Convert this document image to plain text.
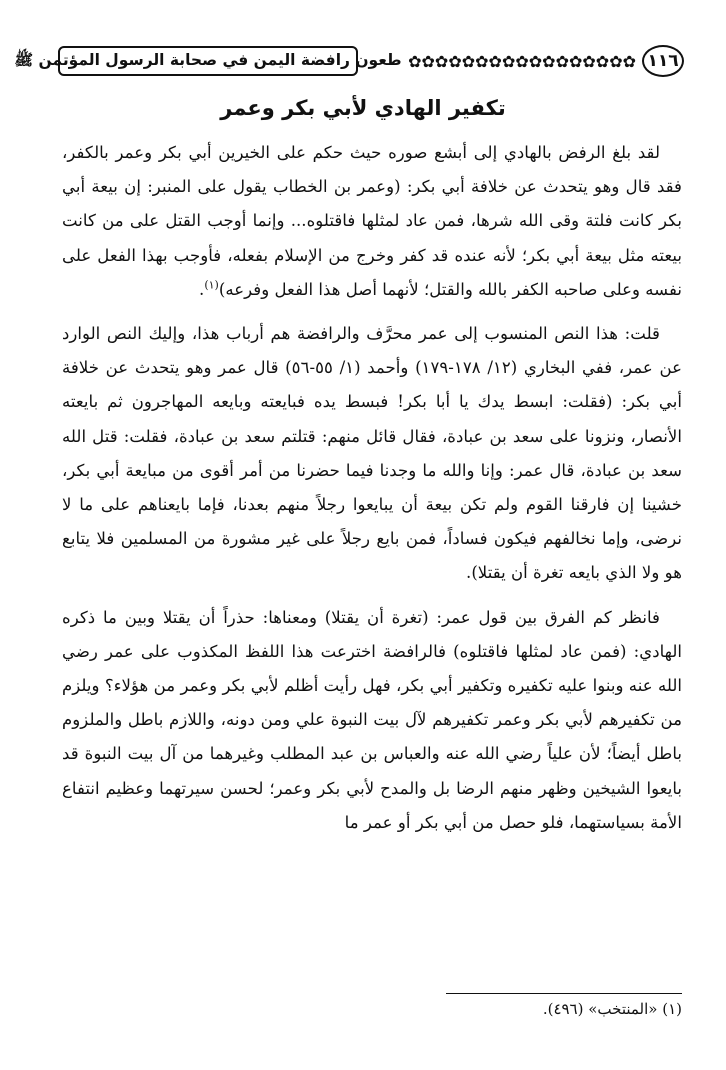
١١٦
✿✿✿✿✿✿✿✿✿✿✿✿✿✿✿✿✿
طعون رافضة اليمن في صحابة الرسول المؤتمن ﷺ
تكفير الهادي لأبي بكر وعمر

لقد بلغ الرفض بالهادي إلى أبشع صوره حيث حكم على الخيرين أبي بكر وعمر بالكفر، فقد قال وهو يتحدث عن خلافة أبي بكر: (وعمر بن الخطاب يقول على المنبر: إن بيعة أبي بكر كانت فلتة وقى الله شرها، فمن عاد لمثلها فاقتلوه... وإنما أوجب القتل على من كانت بيعته مثل بيعة أبي بكر؛ لأنه عنده قد كفر وخرج من الإسلام بفعله، فأوجب بهذا الفعل على نفسه وعلى صاحبه الكفر بالله والقتل؛ لأنهما أصل هذا الفعل وفرعه)$^{(١)}$.

قلت: هذا النص المنسوب إلى عمر محرَّف والرافضة هم أرباب هذا، وإليك النص الوارد عن عمر، ففي البخاري (١٢/ ١٧٨-١٧٩) وأحمد (١/ ٥٥-٥٦) قال عمر وهو يتحدث عن خلافة أبي بكر: (فقلت: ابسط يدك يا أبا بكر! فبسط يده فبايعته وبايعه المهاجرون ثم بايعته الأنصار، ونزونا على سعد بن عبادة، فقال قائل منهم: قتلتم سعد بن عبادة، فقلت: قتل الله سعد بن عبادة، قال عمر: وإنا والله ما وجدنا فيما حضرنا من أمر أقوى من مبايعة أبي بكر، خشينا إن فارقنا القوم ولم تكن بيعة أن يبايعوا رجلاً منهم بعدنا، فإما بايعناهم على ما لا نرضى، وإما نخالفهم فيكون فساداً، فمن بايع رجلاً على غير مشورة من المسلمين فلا يتابع هو ولا الذي بايعه تغرة أن يقتلا).

فانظر كم الفرق بين قول عمر: (تغرة أن يقتلا) ومعناها: حذراً أن يقتلا وبين ما ذكره الهادي: (فمن عاد لمثلها فاقتلوه) فالرافضة اخترعت هذا اللفظ المكذوب على عمر رضي الله عنه وبنوا عليه تكفيره وتكفير أبي بكر، فهل رأيت أظلم لأبي بكر وعمر من هؤلاء؟ ويلزم من تكفيرهم لأبي بكر وعمر تكفيرهم لآل بيت النبوة علي ومن دونه، واللازم باطل والملزوم باطل أيضاً؛ لأن علياً رضي الله عنه والعباس بن عبد المطلب وغيرهما من آل بيت النبوة قد بايعوا الشيخين وظهر منهم الرضا بل والمدح لأبي بكر وعمر؛ لحسن سيرتهما وعظيم انتفاع الأمة بسياستهما، فلو حصل من أبي بكر أو عمر ما

(١) «المنتخب» (٤٩٦).
